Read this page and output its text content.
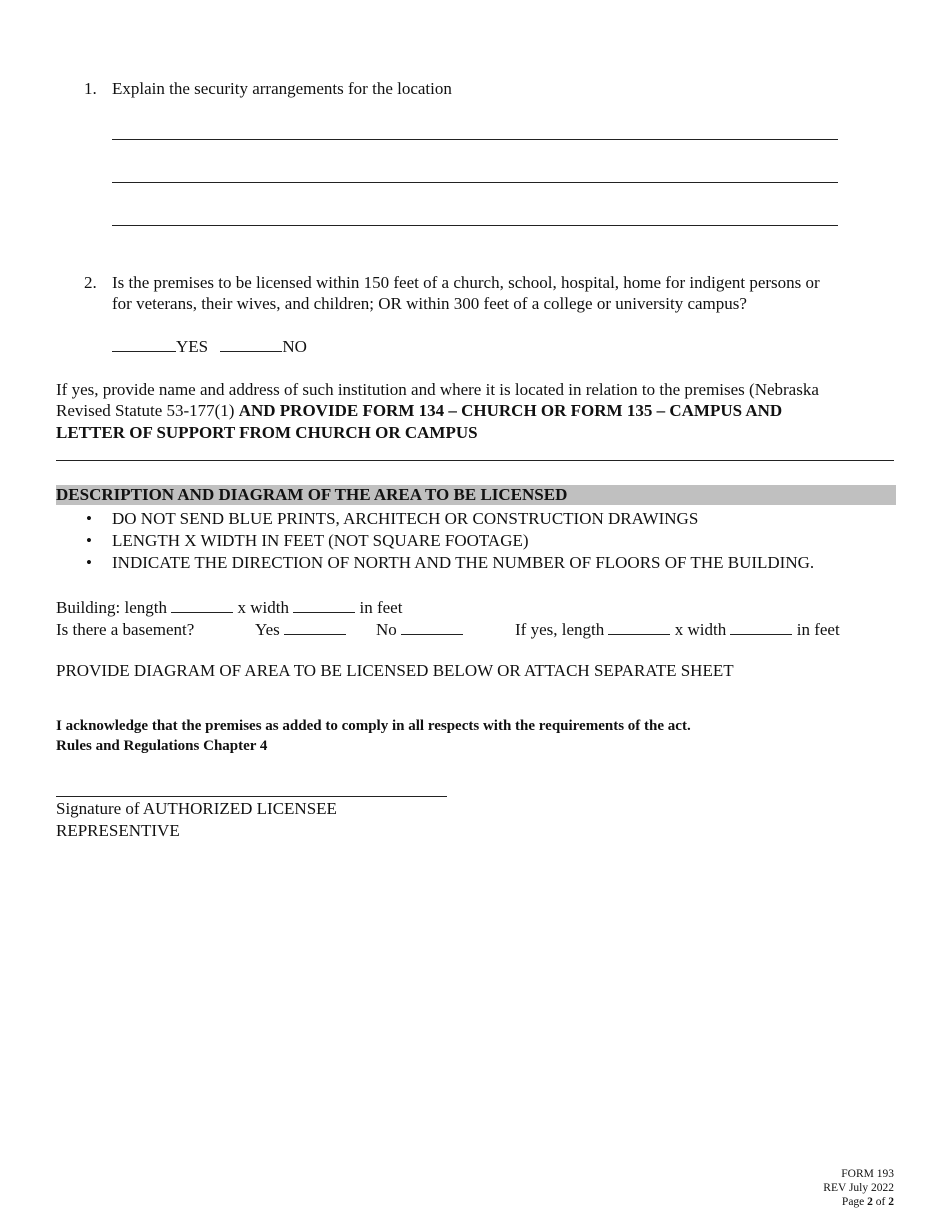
1. Explain the security arrangements for the location
2. Is the premises to be licensed within 150 feet of a church, school, hospital, home for indigent persons or
for veterans, their wives, and children; OR within 300 feet of a college or university campus?
YES	NO
If yes, provide name and address of such institution and where it is located in relation to the premises (Nebraska
Revised Statute 53-177(1) AND PROVIDE FORM 134 – CHURCH OR FORM 135 – CAMPUS AND
LETTER OF SUPPORT FROM CHURCH OR CAMPUS
DESCRIPTION AND DIAGRAM OF THE AREA TO BE LICENSED
• DO NOT SEND BLUE PRINTS, ARCHITECH OR CONSTRUCTION DRAWINGS
• LENGTH X WIDTH IN FEET (NOT SQUARE FOOTAGE)
• INDICATE THE DIRECTION OF NORTH AND THE NUMBER OF FLOORS OF THE BUILDING.
Building: length	x width	in feet
Is there a basement?	Yes	No	If yes, length	x width	in feet
PROVIDE DIAGRAM OF AREA TO BE LICENSED BELOW OR ATTACH SEPARATE SHEET
I acknowledge that the premises as added to comply in all respects with the requirements of the act.
Rules and Regulations Chapter 4
Signature of AUTHORIZED LICENSEE
REPRESENTIVE
FORM 193
REV July 2022
Page 2 of 2
